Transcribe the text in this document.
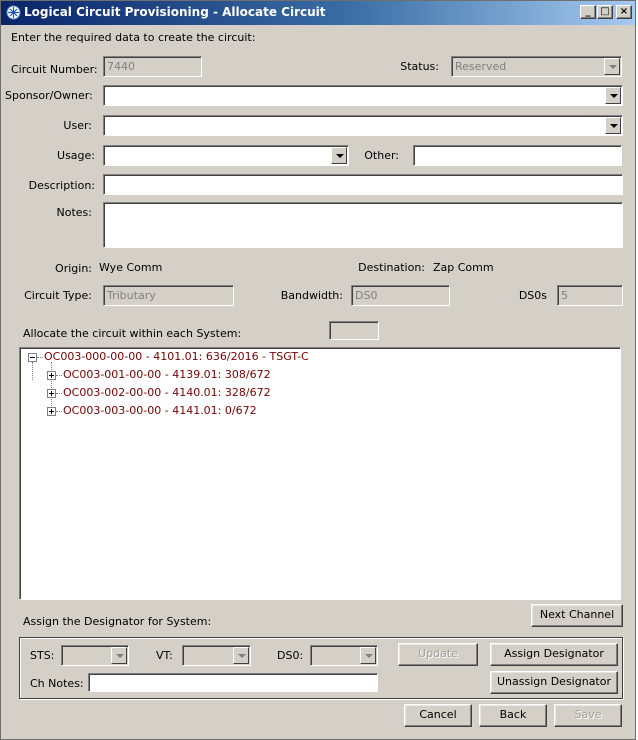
Logical Circuit Provisioning - Allocate Circuit	_ □	×
Enter the required data to create the circuit:
Circuit Number: 7440	Status:	Reserved
Sponsor/Owner:
User:
Usage:	Other:
Description:
Notes:
Origin: Wye Comm	Destination: Zap Comm
Circuit Type:	Tributary	Bandwidth:	DS0	DS0s	5
Allocate the circuit within each System:
OC003-000-00-00 - 4101.01: 636/2016 - TSGT-C
OC003-001-00-00 - 4139.01: 308/672
OC003-002-00-00 - 4140.01: 328/672
OC003-003-00-00 - 4141.01: 0/672
Assign the Designator for System:
Next Channel
STS:	VT:	DS0:	Update	Assign Designator
Ch Notes:	Unassign Designator
Cancel	Back	Save
